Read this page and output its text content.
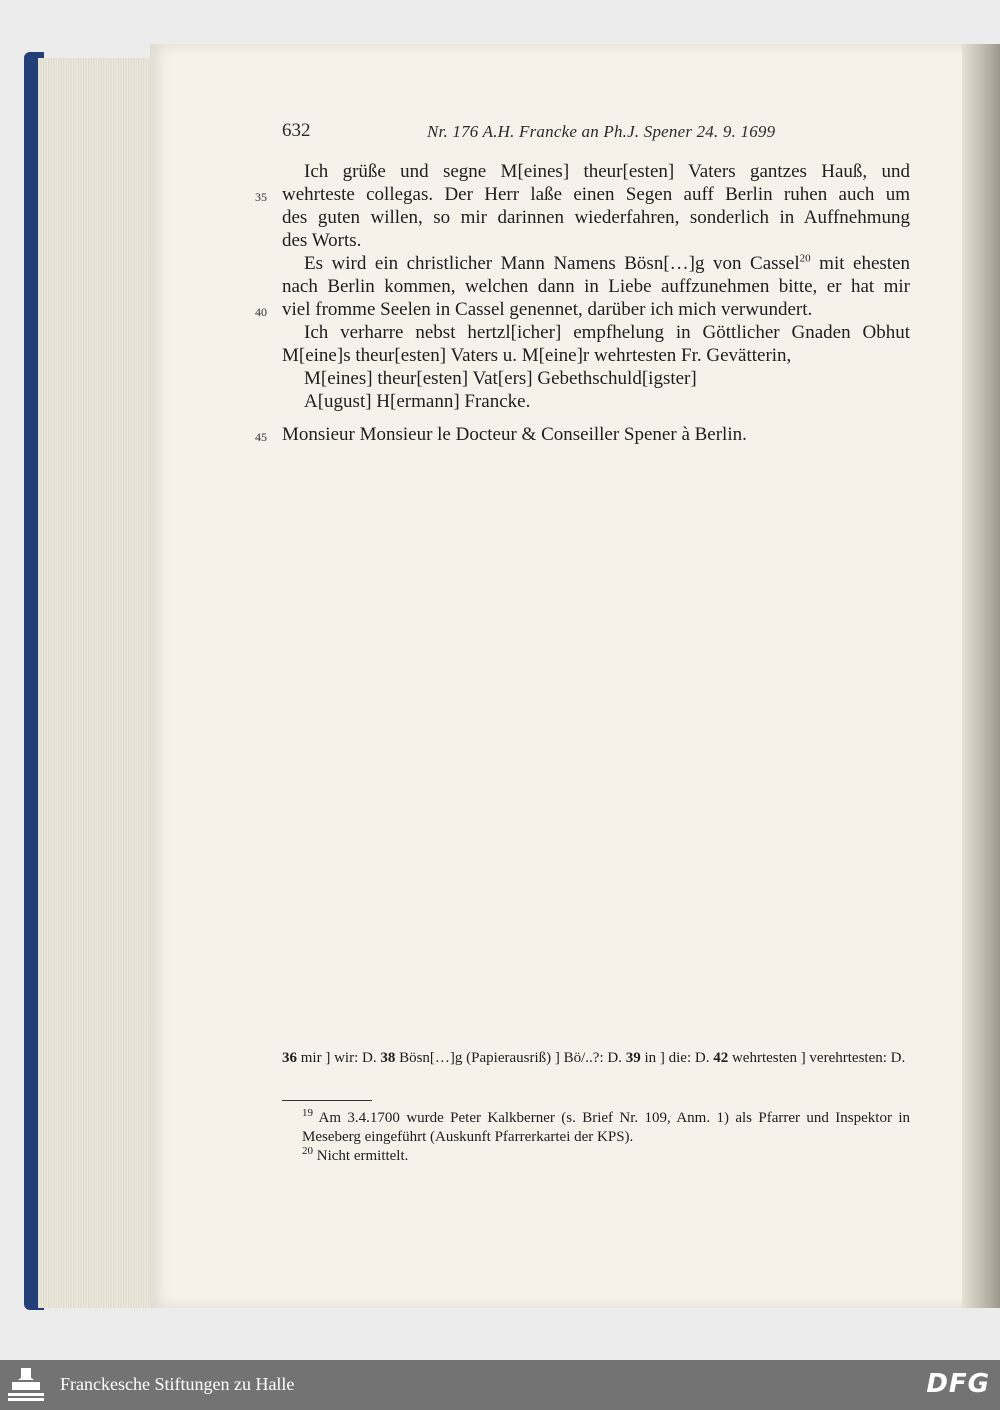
632	Nr. 176 A.H. Francke an Ph.J. Spener 24. 9. 1699
Ich grüße und segne M[eines] theur[esten] Vaters gantzes Hauß, und
35 wehrteste collegas. Der Herr laße einen Segen auff Berlin ruhen auch um
des guten willen, so mir darinnen wiederfahren, sonderlich in Auffnehmung
des Worts.
Es wird ein christlicher Mann Namens Bösn[…]g von Cassel$^{20}$ mit ehesten
nach Berlin kommen, welchen dann in Liebe auffzunehmen bitte, er hat mir
40 viel fromme Seelen in Cassel genennet, darüber ich mich verwundert.
Ich verharre nebst hertzl[icher] empfhelung in Göttlicher Gnaden Obhut
M[eine]s theur[esten] Vaters u. M[eine]r wehrtesten Fr. Gevätterin,
M[eines] theur[esten] Vat[ers] Gebethschuld[igster]
A[ugust] H[ermann] Francke.
45 Monsieur Monsieur le Docteur & Conseiller Spener à Berlin.
36 mir ] wir: D. 38 Bösn[…]g (Papierausriß) ] Bö/..?: D. 39 in ] die: D. 42 wehrtesten ] verehrtesten: D.
$^{19}$ Am 3.4.1700 wurde Peter Kalkberner (s. Brief Nr. 109, Anm. 1) als Pfarrer und Inspektor in Meseberg eingeführt (Auskunft Pfarrerkartei der KPS).
$^{20}$ Nicht ermittelt.
Franckesche Stiftungen zu Halle	DFG
